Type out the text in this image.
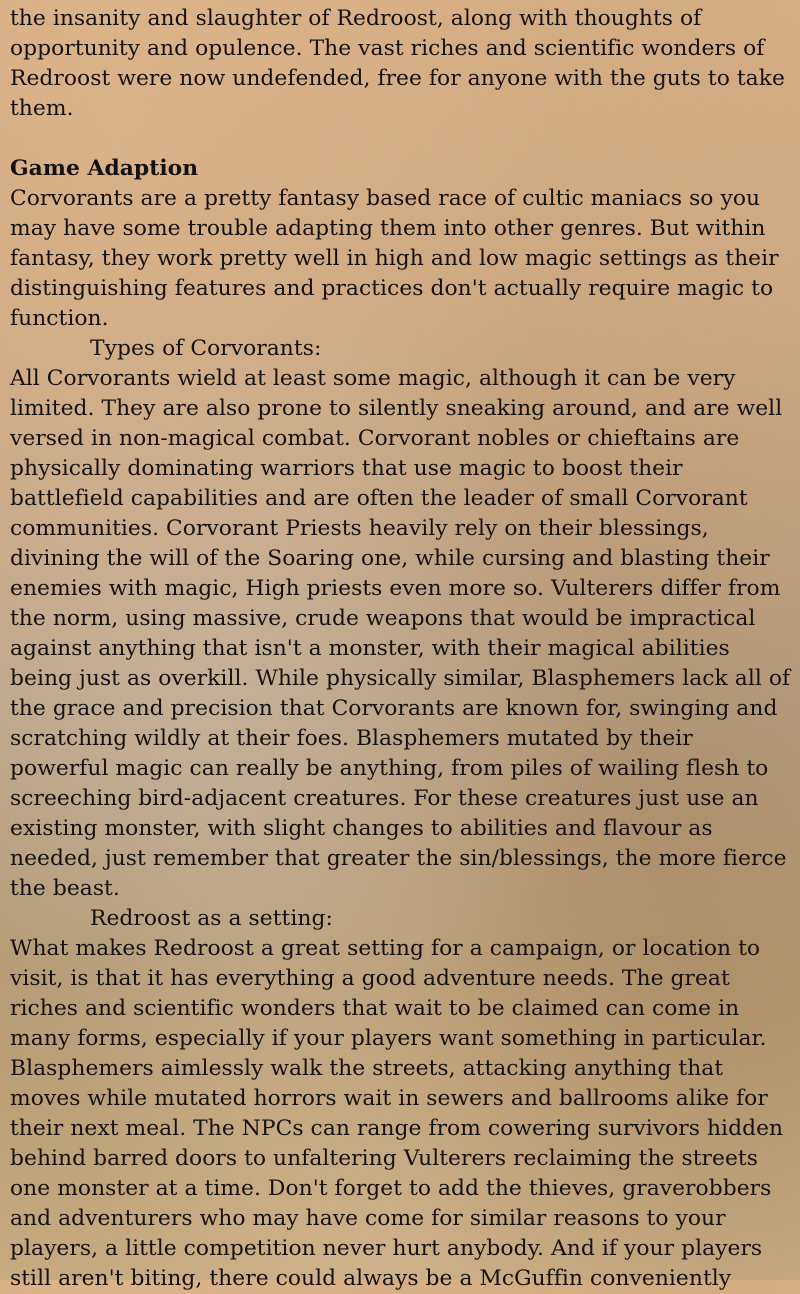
the insanity and slaughter of Redroost, along with thoughts of opportunity and opulence. The vast riches and scientific wonders of Redroost were now undefended, free for anyone with the guts to take them.

Game Adaption

Corvorants are a pretty fantasy based race of cultic maniacs so you may have some trouble adapting them into other genres. But within fantasy, they work pretty well in high and low magic settings as their distinguishing features and practices don't actually require magic to function.

Types of Corvorants:

All Corvorants wield at least some magic, although it can be very limited. They are also prone to silently sneaking around, and are well versed in non-magical combat. Corvorant nobles or chieftains are physically dominating warriors that use magic to boost their battlefield capabilities and are often the leader of small Corvorant communities. Corvorant Priests heavily rely on their blessings, divining the will of the Soaring one, while cursing and blasting their enemies with magic, High priests even more so. Vulterers differ from the norm, using massive, crude weapons that would be impractical against anything that isn't a monster, with their magical abilities being just as overkill. While physically similar, Blasphemers lack all of the grace and precision that Corvorants are known for, swinging and scratching wildly at their foes. Blasphemers mutated by their powerful magic can really be anything, from piles of wailing flesh to screeching bird-adjacent creatures. For these creatures just use an existing monster, with slight changes to abilities and flavour as needed, just remember that greater the sin/blessings, the more fierce the beast.

Redroost as a setting:

What makes Redroost a great setting for a campaign, or location to visit, is that it has everything a good adventure needs. The great riches and scientific wonders that wait to be claimed can come in many forms, especially if your players want something in particular. Blasphemers aimlessly walk the streets, attacking anything that moves while mutated horrors wait in sewers and ballrooms alike for their next meal. The NPCs can range from cowering survivors hidden behind barred doors to unfaltering Vulterers reclaiming the streets one monster at a time. Don't forget to add the thieves, graverobbers and adventurers who may have come for similar reasons to your players, a little competition never hurt anybody. And if your players still aren't biting, there could always be a McGuffin conveniently
